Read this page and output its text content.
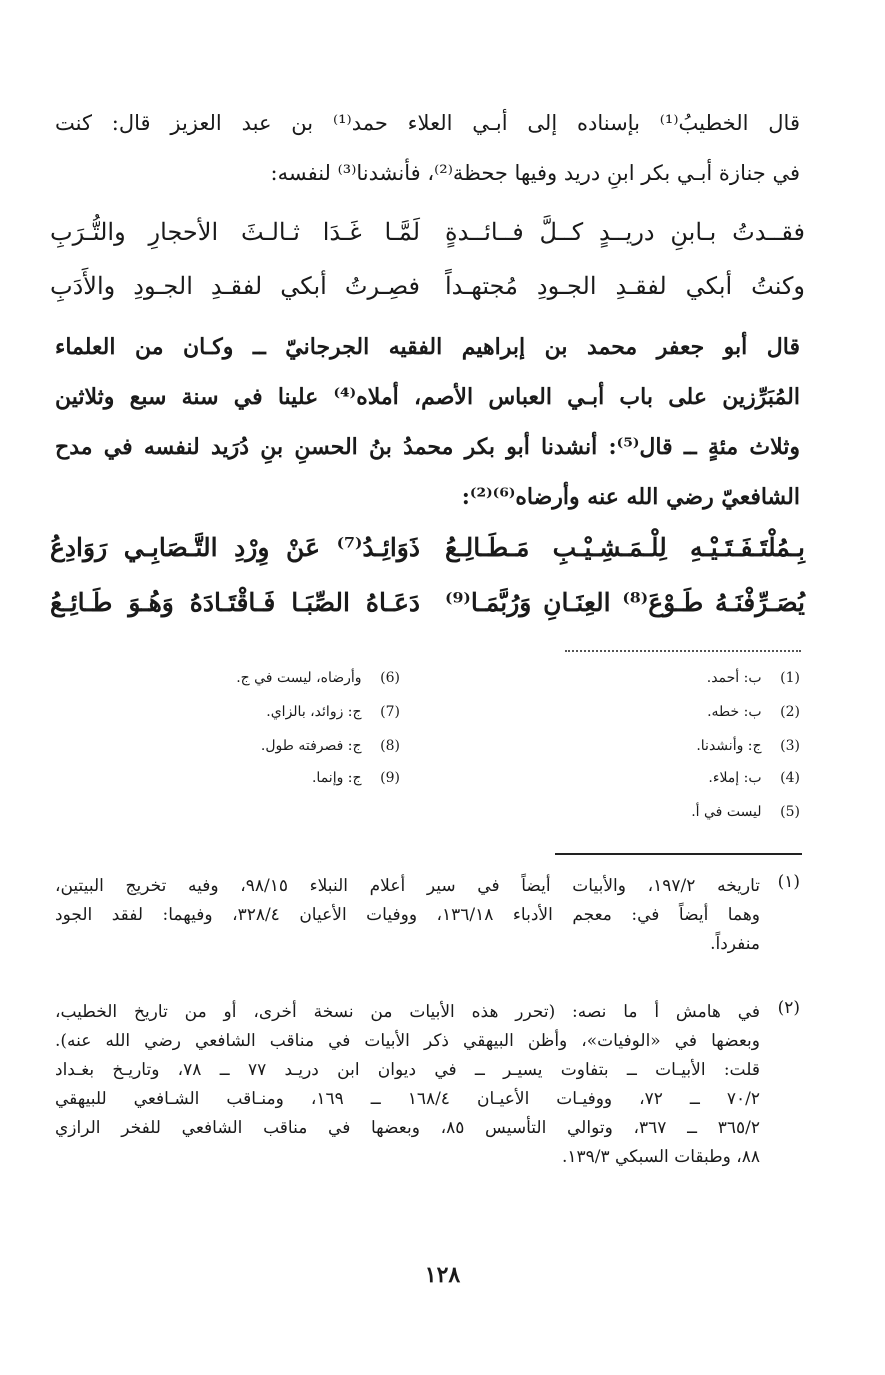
قال الخطيبُ⁽¹⁾ بإسناده إلى أبـي العلاء حمد⁽¹⁾ بن عبد العزيز قال: كنت
في جنازة أبـي بكر ابنِ دريد وفيها جحظة⁽²⁾، فأنشدنا⁽³⁾ لنفسه:
فقــدتُ بـابنِ دريــدٍ كــلَّ فــائــدةٍ
لَمَّـا غَـدَا ثـالـثَ الأحجارِ والتُّـرَبِ
وكنتُ أبكي لفقـدِ الجـودِ مُجتهـداً
فصِـرتُ أبكي لفقـدِ الجـودِ والأَدَبِ
قال أبو جعفر محمد بن إبراهيم الفقيه الجرجانيّ ــ وكـان من العلماء
المُبَرِّزين على باب أبـي العباس الأصم، أملاه⁽⁴⁾ علينا في سنة سبع وثلاثين
وثلاث مئةٍ ــ قال⁽⁵⁾: أنشدنا أبو بكر محمدُ بنُ الحسنِ بنِ دُرَيد لنفسه في مدح
الشافعيّ رضي الله عنه وأرضاه⁽⁶⁾⁽²⁾:
بِـمُلْتَـفَـتَـيْـهِ لِلْـمَـشِـيْـبِ مَـطَـالِـعُ
ذَوَائِـدُ⁽⁷⁾ عَنْ وِرْدِ التَّـصَابِـي رَوَادِعُ
يُصَـرِّفْنَـهُ طَـوْعَ⁽⁸⁾ العِنَـانِ وَرُبَّمَـا⁽⁹⁾
دَعَـاهُ الصِّبَـا فَـاقْتَـادَهُ وَهُـوَ طَـائِـعُ
(1) ب: أحمد.
(2) ب: خطه.
(3) ج: وأنشدنا.
(4) ب: إملاء.
(5) ليست في أ.
(6) وأرضاه، ليست في ج.
(7) ج: زوائد، بالزاي.
(8) ج: فصرفته طول.
(9) ج: وإنما.
(١)
تاريخه ١٩٧/٢، والأبيات أيضاً في سير أعلام النبلاء ٩٨/١٥، وفيه تخريج البيتين،
وهما أيضاً في: معجم الأدباء ١٣٦/١٨، ووفيات الأعيان ٣٢٨/٤، وفيهما: لفقد الجود
منفرداً.
(٢)
في هامش أ ما نصه: (تحرر هذه الأبيات من نسخة أخرى، أو من تاريخ الخطيب،
وبعضها في «الوفيات»، وأظن البيهقي ذكر الأبيات في مناقب الشافعي رضي الله عنه).
قلت: الأبيـات ــ بتفاوت يسيـر ــ في ديوان ابن دريـد ٧٧ ــ ٧٨، وتاريـخ بغـداد
٧٠/٢ ــ ٧٢، ووفيـات الأعيـان ١٦٨/٤ ــ ١٦٩، ومنـاقب الشـافعي للبيهقي
٣٦٥/٢ ــ ٣٦٧، وتوالي التأسيس ٨٥، وبعضها في مناقب الشافعي للفخر الرازي
٨٨، وطبقات السبكي ١٣٩/٣.
١٢٨
